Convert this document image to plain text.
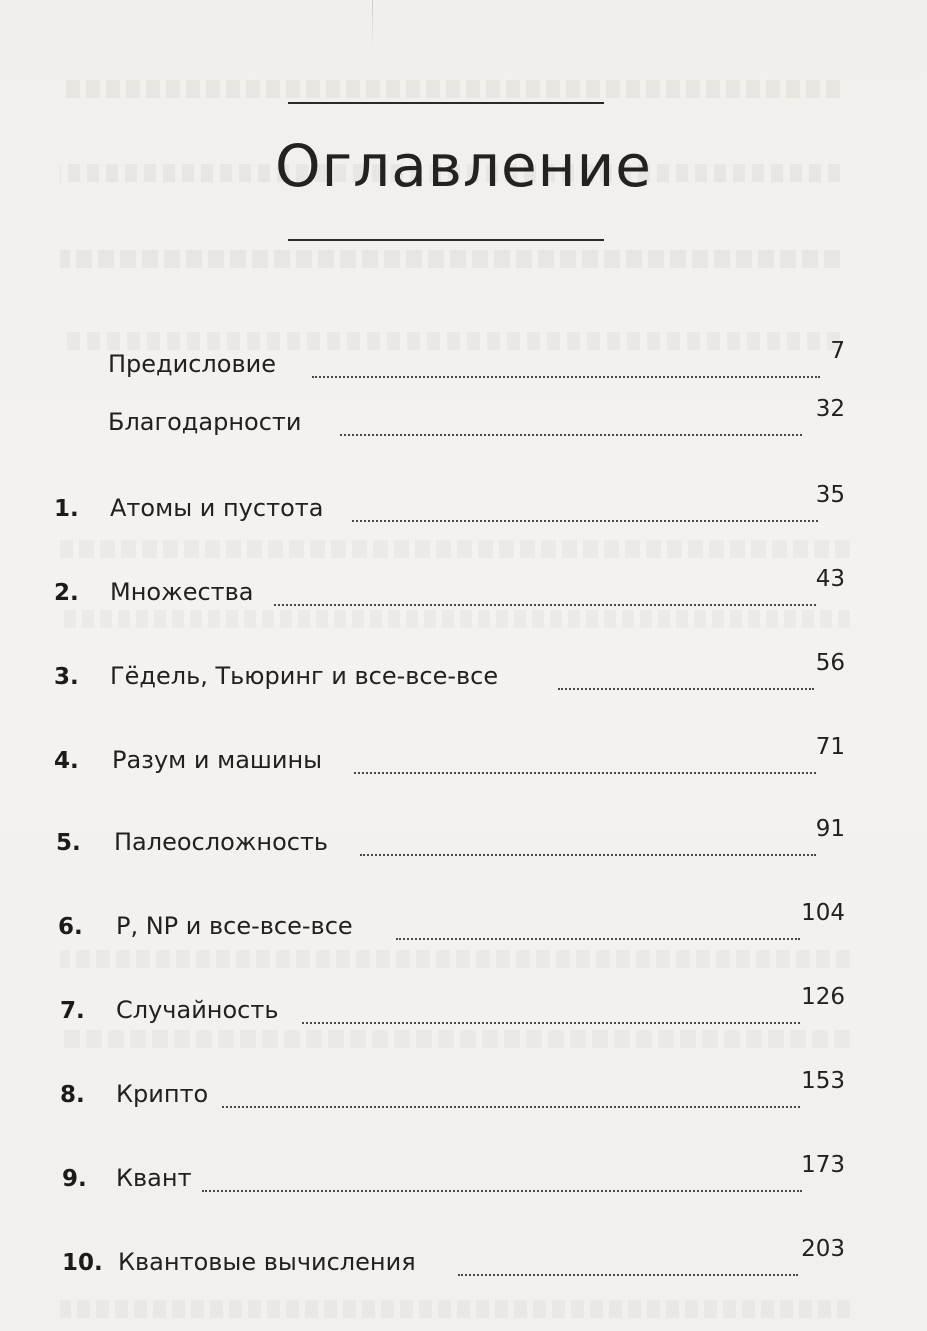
Оглавление
Предисловие	7
Благодарности	32
1. Атомы и пустота	35
2. Множества	43
3. Гёдель, Тьюринг и все-все-все	56
4. Разум и машины	71
5. Палеосложность	91
6. P, NP и все-все-все	104
7. Случайность	126
8. Крипто	153
9. Квант	173
10. Квантовые вычисления	203
